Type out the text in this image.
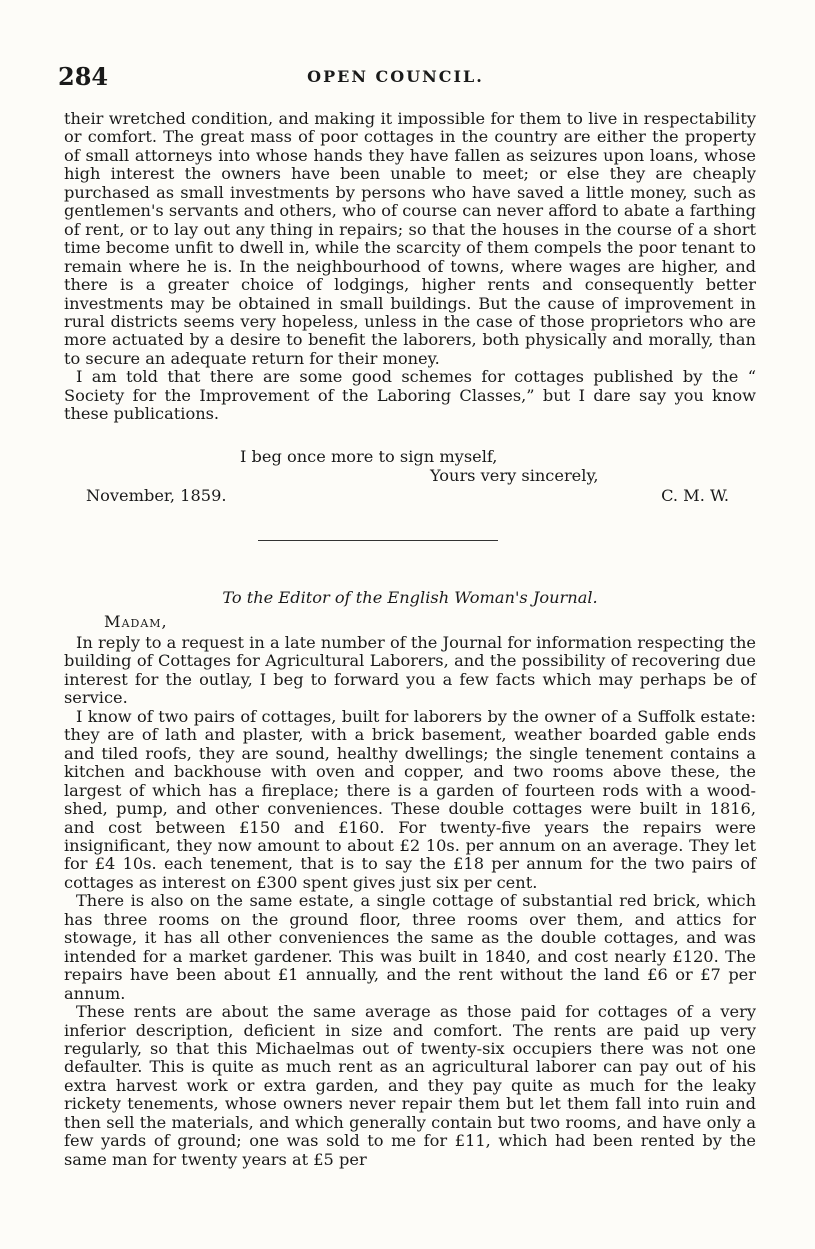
284	OPEN COUNCIL.

their wretched condition, and making it impossible for them to live in respectability or comfort. The great mass of poor cottages in the country are either the property of small attorneys into whose hands they have fallen as seizures upon loans, whose high interest the owners have been unable to meet; or else they are cheaply purchased as small investments by persons who have saved a little money, such as gentlemen's servants and others, who of course can never afford to abate a farthing of rent, or to lay out any thing in repairs; so that the houses in the course of a short time become unfit to dwell in, while the scarcity of them compels the poor tenant to remain where he is. In the neighbourhood of towns, where wages are higher, and there is a greater choice of lodgings, higher rents and consequently better investments may be obtained in small buildings. But the cause of improvement in rural districts seems very hopeless, unless in the case of those proprietors who are more actuated by a desire to benefit the laborers, both physically and morally, than to secure an adequate return for their money.

I am told that there are some good schemes for cottages published by the “ Society for the Improvement of the Laboring Classes,” but I dare say you know these publications.

I beg once more to sign myself,
Yours very sincerely,
November, 1859.	C. M. W.
To the Editor of the English Woman's Journal.
Madam,

In reply to a request in a late number of the Journal for information respecting the building of Cottages for Agricultural Laborers, and the possibility of recovering due interest for the outlay, I beg to forward you a few facts which may perhaps be of service.

I know of two pairs of cottages, built for laborers by the owner of a Suffolk estate: they are of lath and plaster, with a brick basement, weather boarded gable ends and tiled roofs, they are sound, healthy dwellings; the single tenement contains a kitchen and backhouse with oven and copper, and two rooms above these, the largest of which has a fireplace; there is a garden of fourteen rods with a wood-shed, pump, and other conveniences. These double cottages were built in 1816, and cost between £150 and £160. For twenty-five years the repairs were insignificant, they now amount to about £2 10s. per annum on an average. They let for £4 10s. each tenement, that is to say the £18 per annum for the two pairs of cottages as interest on £300 spent gives just six per cent.

There is also on the same estate, a single cottage of substantial red brick, which has three rooms on the ground floor, three rooms over them, and attics for stowage, it has all other conveniences the same as the double cottages, and was intended for a market gardener. This was built in 1840, and cost nearly £120. The repairs have been about £1 annually, and the rent without the land £6 or £7 per annum.

These rents are about the same average as those paid for cottages of a very inferior description, deficient in size and comfort. The rents are paid up very regularly, so that this Michaelmas out of twenty-six occupiers there was not one defaulter. This is quite as much rent as an agricultural laborer can pay out of his extra harvest work or extra garden, and they pay quite as much for the leaky rickety tenements, whose owners never repair them but let them fall into ruin and then sell the materials, and which generally contain but two rooms, and have only a few yards of ground; one was sold to me for £11, which had been rented by the same man for twenty years at £5 per
